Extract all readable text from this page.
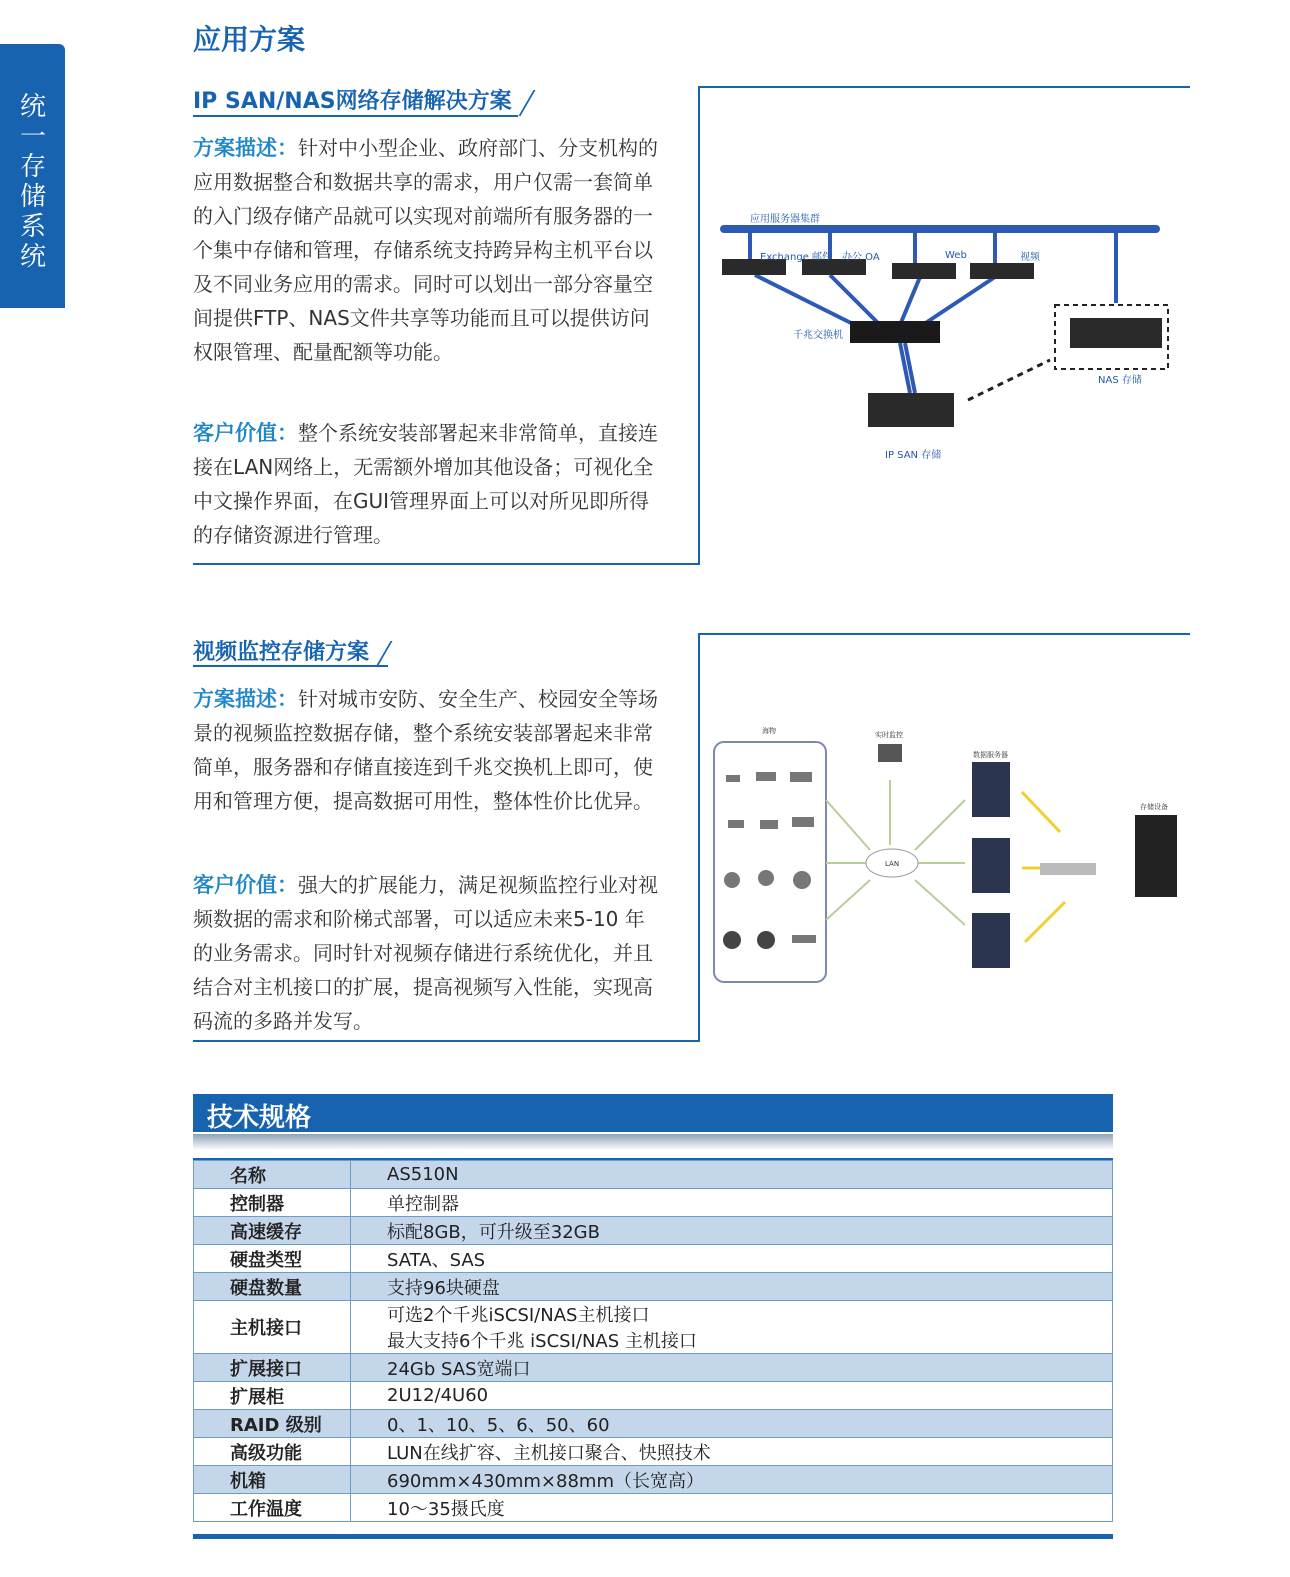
统
一
存
储
系
统
应用方案
IP SAN/NAS网络存储解决方案
方案描述：针对中小型企业、政府部门、分支机构的应用数据整合和数据共享的需求，用户仅需一套简单的入门级存储产品就可以实现对前端所有服务器的一个集中存储和管理，存储系统支持跨异构主机平台以及不同业务应用的需求。同时可以划出一部分容量空间提供FTP、NAS文件共享等功能而且可以提供访问权限管理、配量配额等功能。
客户价值：整个系统安装部署起来非常简单，直接连接在LAN网络上，无需额外增加其他设备；可视化全中文操作界面，在GUI管理界面上可以对所见即所得的存储资源进行管理。
应用服务器集群
Exchange 邮件 办公 OA	Web	视频
千兆交换机
NAS 存储
IP SAN 存储
视频监控存储方案
方案描述：针对城市安防、安全生产、校园安全等场景的视频监控数据存储，整个系统安装部署起来非常简单，服务器和存储直接连到千兆交换机上即可，使用和管理方便，提高数据可用性，整体性价比优异。
客户价值：强大的扩展能力，满足视频监控行业对视频数据的需求和阶梯式部署，可以适应未来5-10 年的业务需求。同时针对视频存储进行系统优化，并且结合对主机接口的扩展，提高视频写入性能，实现高码流的多路并发写。
海物	实时监控
LAN
数据服务器
存储设备
技术规格
名称	AS510N
控制器	单控制器
高速缓存	标配8GB，可升级至32GB
硬盘类型	SATA、SAS
硬盘数量	支持96块硬盘
主机接口	可选2个千兆iSCSI/NAS主机接口
最大支持6个千兆 iSCSI/NAS 主机接口

扩展接口	24Gb SAS宽端口
扩展柜	2U12/4U60
RAID 级别	0、1、10、5、6、50、60
高级功能	LUN在线扩容、主机接口聚合、快照技术
机箱	690mm×430mm×88mm（长宽高）
工作温度	10～35摄氏度
